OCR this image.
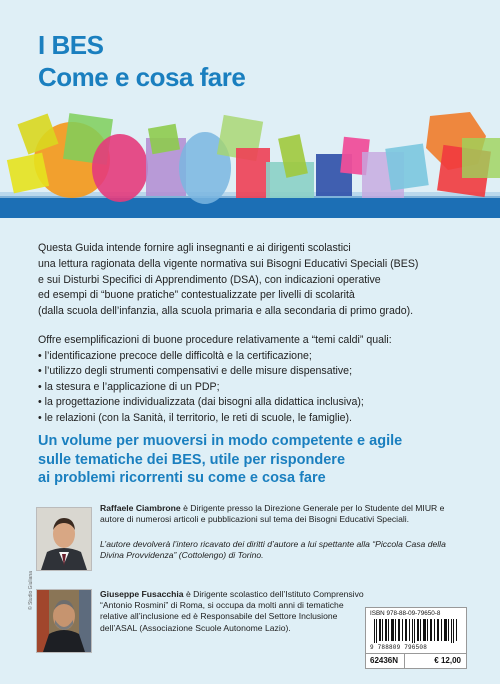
I BES
Come e cosa fare

Questa Guida intende fornire agli insegnanti e ai dirigenti scolastici

una lettura ragionata della vigente normativa sui Bisogni Educativi Speciali (BES)

e sui Disturbi Specifici di Apprendimento (DSA), con indicazioni operative

ed esempi di “buone pratiche” contestualizzate per livelli di scolarità

(dalla scuola dell’infanzia, alla scuola primaria e alla secondaria di primo grado).

Offre esemplificazioni di buone procedure relativamente a “temi caldi” quali:
• l’identificazione precoce delle difficoltà e la certificazione;
• l’utilizzo degli strumenti compensativi e delle misure dispensative;
• la stesura e l’applicazione di un PDP;
• la progettazione individualizzata (dai bisogni alla didattica inclusiva);
• le relazioni (con la Sanità, il territorio, le reti di scuole, le famiglie).
Un volume per muoversi in modo competente e agile
sulle tematiche dei BES, utile per rispondere
ai problemi ricorrenti su come e cosa fare
Raffaele Ciambrone è Dirigente presso la Direzione Generale per lo Studente del MIUR e autore di numerosi articoli e pubblicazioni sul tema dei Bisogni Educativi Speciali.
L’autore devolverà l’intero ricavato dei diritti d’autore a lui spettante alla “Piccola Casa della Divina Provvidenza” (Cottolengo) di Torino.
Giuseppe Fusacchia è Dirigente scolastico dell’Istituto Comprensivo “Antonio Rosmini” di Roma, si occupa da molti anni di tematiche relative all’inclusione ed è Responsabile del Settore Inclusione dell’ASAL (Associazione Scuole Autonome Lazio).
© Studio Giuliana
ISBN 978-88-09-79650-8
9 788809 796508
62436N	€ 12,00
